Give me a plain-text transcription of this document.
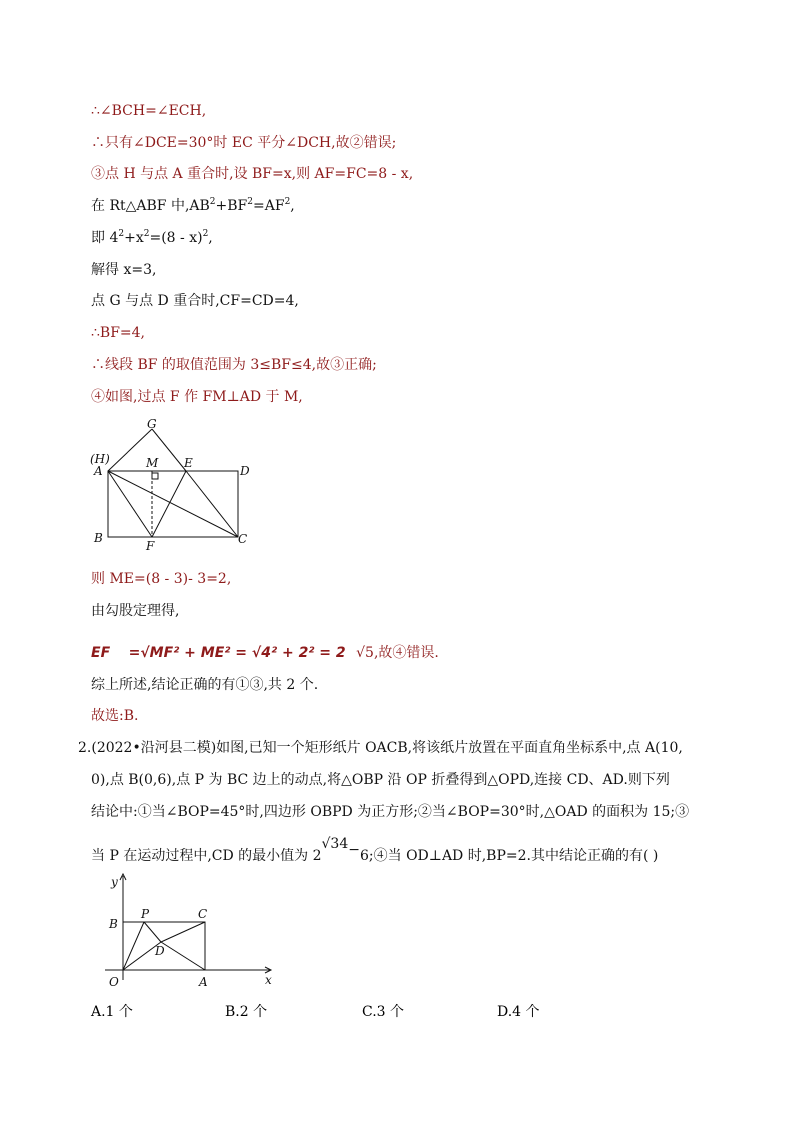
∴∠BCH=∠ECH,
∴只有∠DCE=30°时 EC 平分∠DCH,故②错误;
③点 H 与点 A 重合时,设 BF=x,则 AF=FC=8 - x,
在 Rt△ABF 中$,AB^2+BF^2=AF^2$,
即 $4^2+x^2=(8 - x)^2$,
解得 x=3,
点 G 与点 D 重合时,CF=CD=4,
∴BF=4,
∴线段 BF 的取值范围为 3≤BF≤4,故③正确;
④如图,过点 F 作 FM⊥AD 于 M,
G
(H)
A
M E
D
B
F	C
则 ME=(8 - 3)- 3=2,
由勾股定理得,
EF =√MF² + ME² = √4² + 2² = 2 √5,故④错误.
综上所述,结论正确的有①③,共 2 个.
故选:B.
2.(2022•沿河县二模)如图,已知一个矩形纸片 OACB,将该纸片放置在平面直角坐标系中,点 A(10,
0),点 B(0,6),点 P 为 BC 边上的动点,将△OBP 沿 OP 折叠得到△OPD,连接 CD、AD.则下列
结论中:①当∠BOP=45°时,四边形 OBPD 为正方形;②当∠BOP=30°时,△OAD 的面积为 15;③
当 P 在运动过程中,CD 的最小值为 2√34−6;④当 OD⊥AD 时,BP=2.其中结论正确的有( )
y
x
O	A
B
C
P
D
A.1 个	B.2 个	C.3 个	D.4 个
